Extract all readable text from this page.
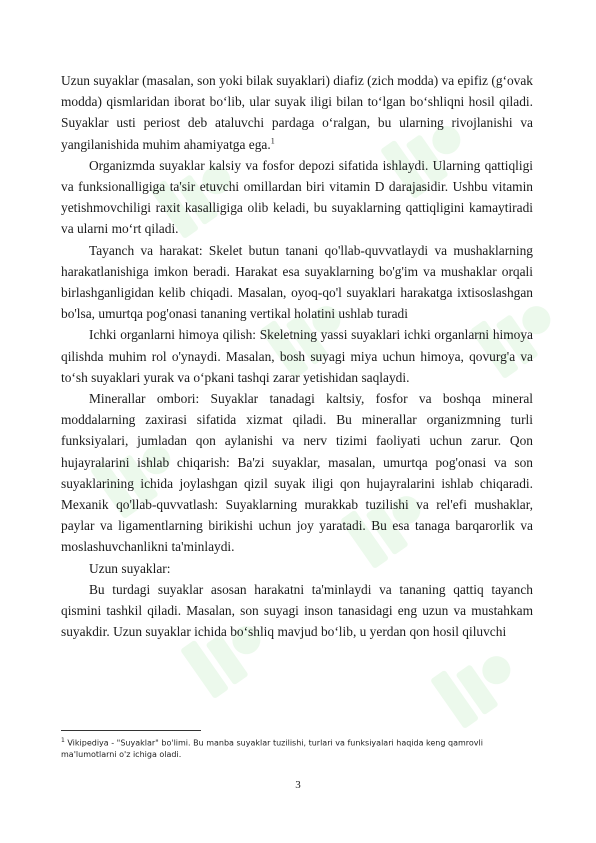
Uzun suyaklar (masalan, son yoki bilak suyaklari) diafiz (zich modda) va epifiz (g‘ovak modda) qismlaridan iborat bo‘lib, ular suyak iligi bilan to‘lgan bo‘shliqni hosil qiladi. Suyaklar usti periost deb ataluvchi pardaga o‘ralgan, bu ularning rivojlanishi va yangilanishida muhim ahamiyatga ega.$^1$

Organizmda suyaklar kalsiy va fosfor depozi sifatida ishlaydi. Ularning qattiqligi va funksionalligiga ta'sir etuvchi omillardan biri vitamin D darajasidir. Ushbu vitamin yetishmovchiligi raxit kasalligiga olib keladi, bu suyaklarning qattiqligini kamaytiradi va ularni mo‘rt qiladi.

Tayanch va harakat: Skelet butun tanani qo'llab-quvvatlaydi va mushaklarning harakatlanishiga imkon beradi. Harakat esa suyaklarning bo'g'im va mushaklar orqali birlashganligidan kelib chiqadi. Masalan, oyoq-qo'l suyaklari harakatga ixtisoslashgan bo'lsa, umurtqa pog'onasi tananing vertikal holatini ushlab turadi

Ichki organlarni himoya qilish: Skeletning yassi suyaklari ichki organlarni himoya qilishda muhim rol o'ynaydi. Masalan, bosh suyagi miya uchun himoya, qovurg'a va to‘sh suyaklari yurak va o‘pkani tashqi zarar yetishidan saqlaydi.

Minerallar ombori: Suyaklar tanadagi kaltsiy, fosfor va boshqa mineral moddalarning zaxirasi sifatida xizmat qiladi. Bu minerallar organizmning turli funksiyalari, jumladan qon aylanishi va nerv tizimi faoliyati uchun zarur. Qon hujayralarini ishlab chiqarish: Ba'zi suyaklar, masalan, umurtqa pog'onasi va son suyaklarining ichida joylashgan qizil suyak iligi qon hujayralarini ishlab chiqaradi. Mexanik qo'llab-quvvatlash: Suyaklarning murakkab tuzilishi va rel'efi mushaklar, paylar va ligamentlarning birikishi uchun joy yaratadi. Bu esa tanaga barqarorlik va moslashuvchanlikni ta'minlaydi.

Uzun suyaklar:

Bu turdagi suyaklar asosan harakatni ta'minlaydi va tananing qattiq tayanch qismini tashkil qiladi. Masalan, son suyagi inson tanasidagi eng uzun va mustahkam suyakdir. Uzun suyaklar ichida bo‘shliq mavjud bo‘lib, u yerdan qon hosil qiluvchi

$^1$ Vikipediya - "Suyaklar" bo'limi. Bu manba suyaklar tuzilishi, turlari va funksiyalari haqida keng qamrovli ma'lumotlarni o'z ichiga oladi.
3
